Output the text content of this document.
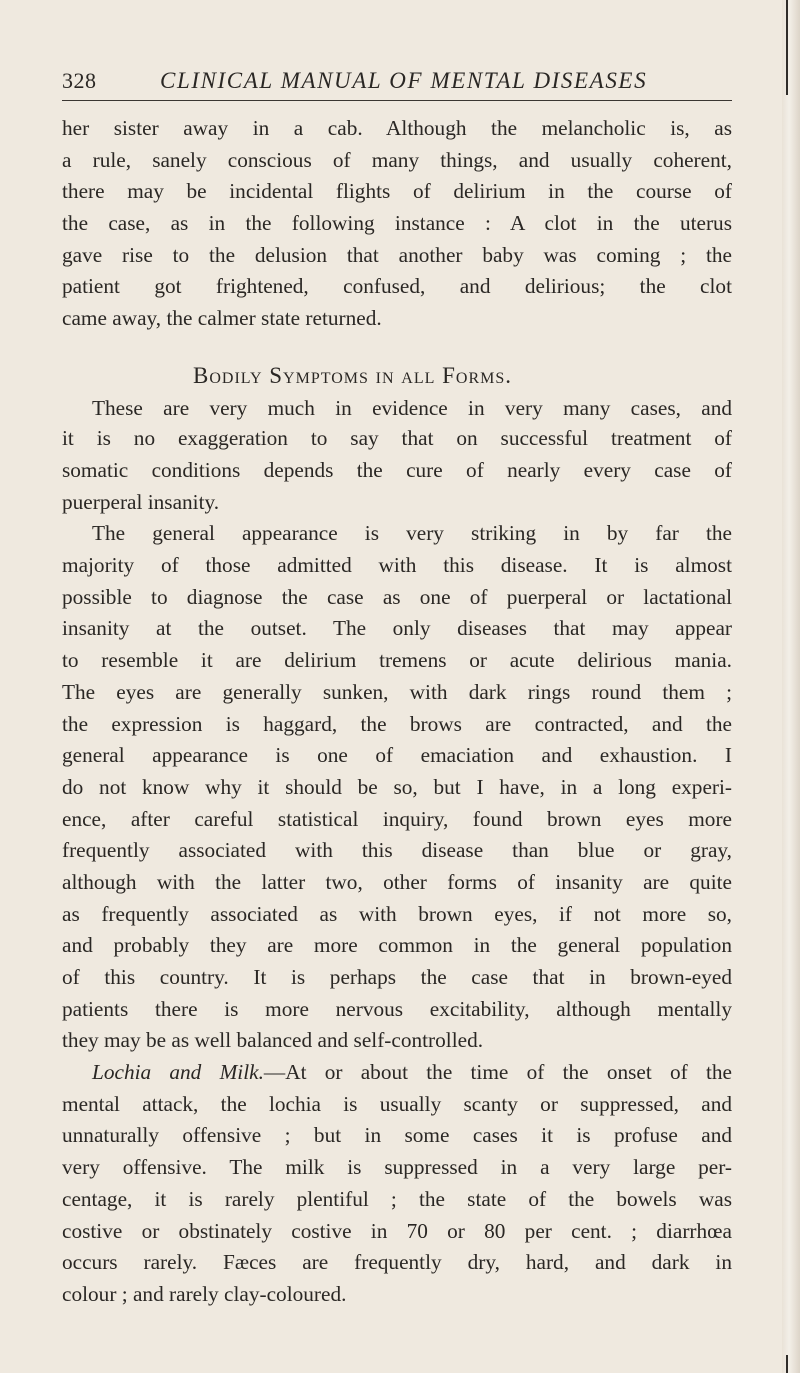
328	CLINICAL MANUAL OF MENTAL DISEASES
her sister away in a cab. Although the melancholic is, as
a rule, sanely conscious of many things, and usually coherent,
there may be incidental flights of delirium in the course of
the case, as in the following instance : A clot in the uterus
gave rise to the delusion that another baby was coming ; the
patient got frightened, confused, and delirious; the clot
came away, the calmer state returned.
Bodily Symptoms in all Forms.
These are very much in evidence in very many cases, and
it is no exaggeration to say that on successful treatment of
somatic conditions depends the cure of nearly every case of
puerperal insanity.
The general appearance is very striking in by far the
majority of those admitted with this disease. It is almost
possible to diagnose the case as one of puerperal or lactational
insanity at the outset. The only diseases that may appear
to resemble it are delirium tremens or acute delirious mania.
The eyes are generally sunken, with dark rings round them ;
the expression is haggard, the brows are contracted, and the
general appearance is one of emaciation and exhaustion. I
do not know why it should be so, but I have, in a long experi-
ence, after careful statistical inquiry, found brown eyes more
frequently associated with this disease than blue or gray,
although with the latter two, other forms of insanity are quite
as frequently associated as with brown eyes, if not more so,
and probably they are more common in the general population
of this country. It is perhaps the case that in brown-eyed
patients there is more nervous excitability, although mentally
they may be as well balanced and self-controlled.
Lochia and Milk.—At or about the time of the onset of the
mental attack, the lochia is usually scanty or suppressed, and
unnaturally offensive ; but in some cases it is profuse and
very offensive. The milk is suppressed in a very large per-
centage, it is rarely plentiful ; the state of the bowels was
costive or obstinately costive in 70 or 80 per cent. ; diarrhœa
occurs rarely. Fæces are frequently dry, hard, and dark in
colour ; and rarely clay-coloured.
